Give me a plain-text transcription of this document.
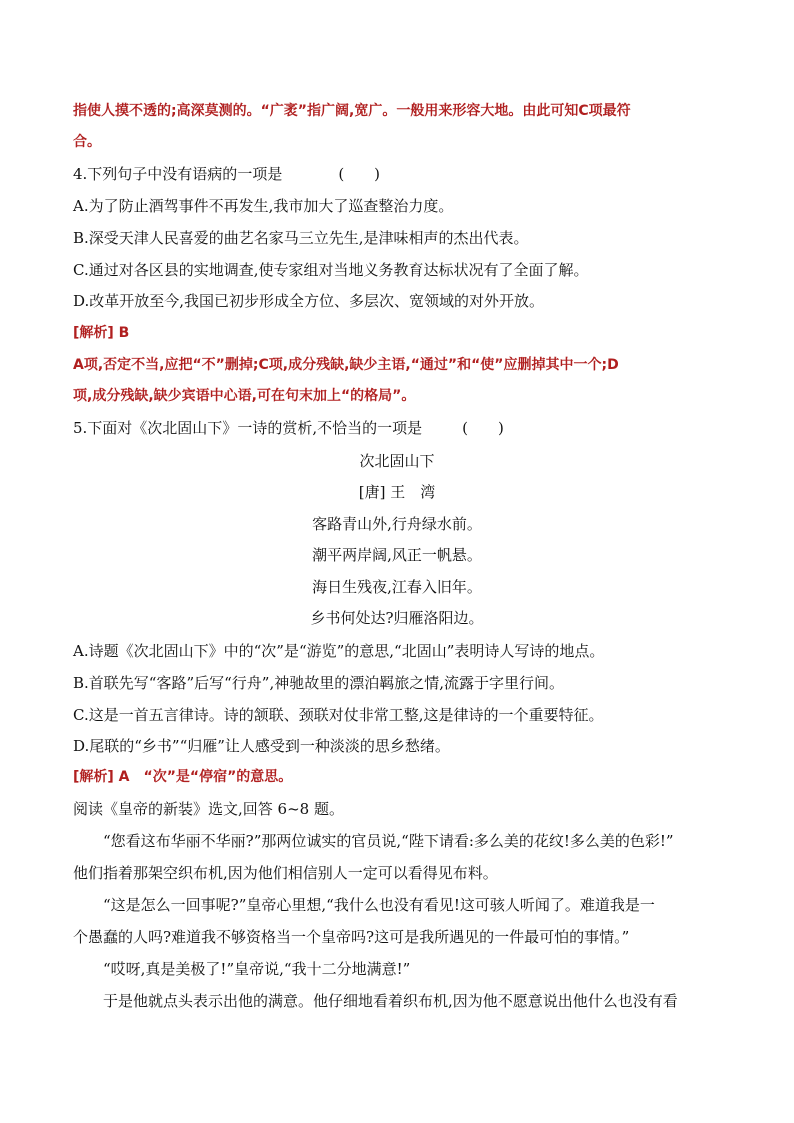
指使人摸不透的;高深莫测的。“广袤”指广阔,宽广。一般用来形容大地。由此可知C项最符
合。
4.下列句子中没有语病的一项是	(　　)
A.为了防止酒驾事件不再发生,我市加大了巡查整治力度。
B.深受天津人民喜爱的曲艺名家马三立先生,是津味相声的杰出代表。
C.通过对各区县的实地调查,使专家组对当地义务教育达标状况有了全面了解。
D.改革开放至今,我国已初步形成全方位、多层次、宽领域的对外开放。
[解析] B
A项,否定不当,应把“不”删掉;C项,成分残缺,缺少主语,“通过”和“使”应删掉其中一个;D
项,成分残缺,缺少宾语中心语,可在句末加上“的格局”。
5.下面对《次北固山下》一诗的赏析,不恰当的一项是	(　　)
次北固山下
[唐] 王　湾
客路青山外,行舟绿水前。
潮平两岸阔,风正一帆悬。
海日生残夜,江春入旧年。
乡书何处达?归雁洛阳边。
A.诗题《次北固山下》中的“次”是“游览”的意思,“北固山”表明诗人写诗的地点。
B.首联先写“客路”后写“行舟”,神驰故里的漂泊羁旅之情,流露于字里行间。
C.这是一首五言律诗。诗的颔联、颈联对仗非常工整,这是律诗的一个重要特征。
D.尾联的“乡书”“归雁”让人感受到一种淡淡的思乡愁绪。
[解析] A　“次”是“停宿”的意思。
阅读《皇帝的新装》选文,回答 6~8 题。
“您看这布华丽不华丽?”那两位诚实的官员说,“陛下请看:多么美的花纹!多么美的色彩!”
他们指着那架空织布机,因为他们相信别人一定可以看得见布料。
“这是怎么一回事呢?”皇帝心里想,“我什么也没有看见!这可骇人听闻了。难道我是一
个愚蠢的人吗?难道我不够资格当一个皇帝吗?这可是我所遇见的一件最可怕的事情。”
“哎呀,真是美极了!”皇帝说,“我十二分地满意!”
于是他就点头表示出他的满意。他仔细地看着织布机,因为他不愿意说出他什么也没有看
